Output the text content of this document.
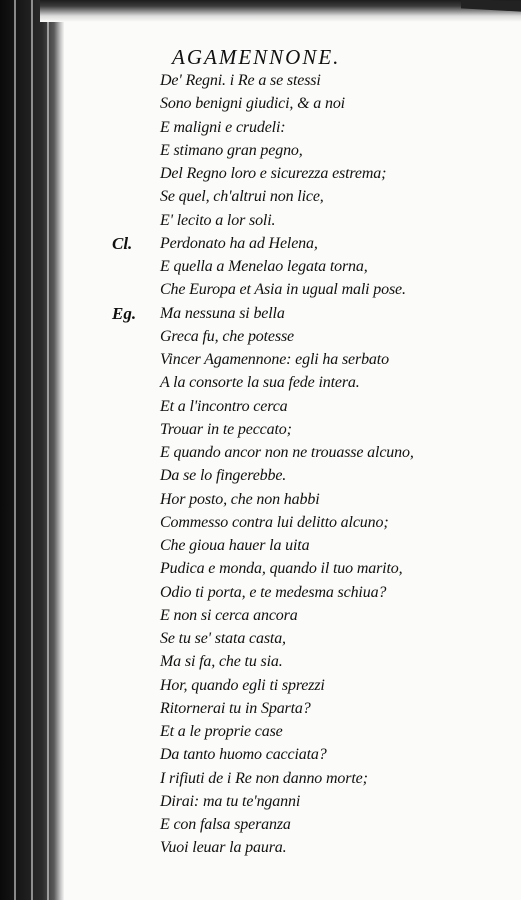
AGAMENNONE.
De' Regni. i Re a se stessi
Sono benigni giudici, & a noi
E maligni e crudeli:
E stimano gran pegno,
Del Regno loro e sicurezza estrema;
Se quel, ch'altrui non lice,
E' lecito a lor soli.
Cl. Perdonato ha ad Helena,
E quella a Menelao legata torna,
Che Europa et Asia in ugual mali pose.
Eg. Ma nessuna si bella
Greca fu, che potesse
Vincer Agamennone: egli ha serbato
A la consorte la sua fede intera.
Et a l'incontro cerca
Trouar in te peccato;
E quando ancor non ne trouasse alcuno,
Da se lo fingerebbe.
Hor posto, che non habbi
Commesso contra lui delitto alcuno;
Che gioua hauer la uita
Pudica e monda, quando il tuo marito,
Odio ti porta, e te medesma schiua?
E non si cerca ancora
Se tu se' stata casta,
Ma si fa, che tu sia.
Hor, quando egli ti sprezzi
Ritornerai tu in Sparta?
Et a le proprie case
Da tanto huomo cacciata?
I rifiuti de i Re non danno morte;
Dirai: ma tu te'nganni
E con falsa speranza
Vuoi leuar la paura.
